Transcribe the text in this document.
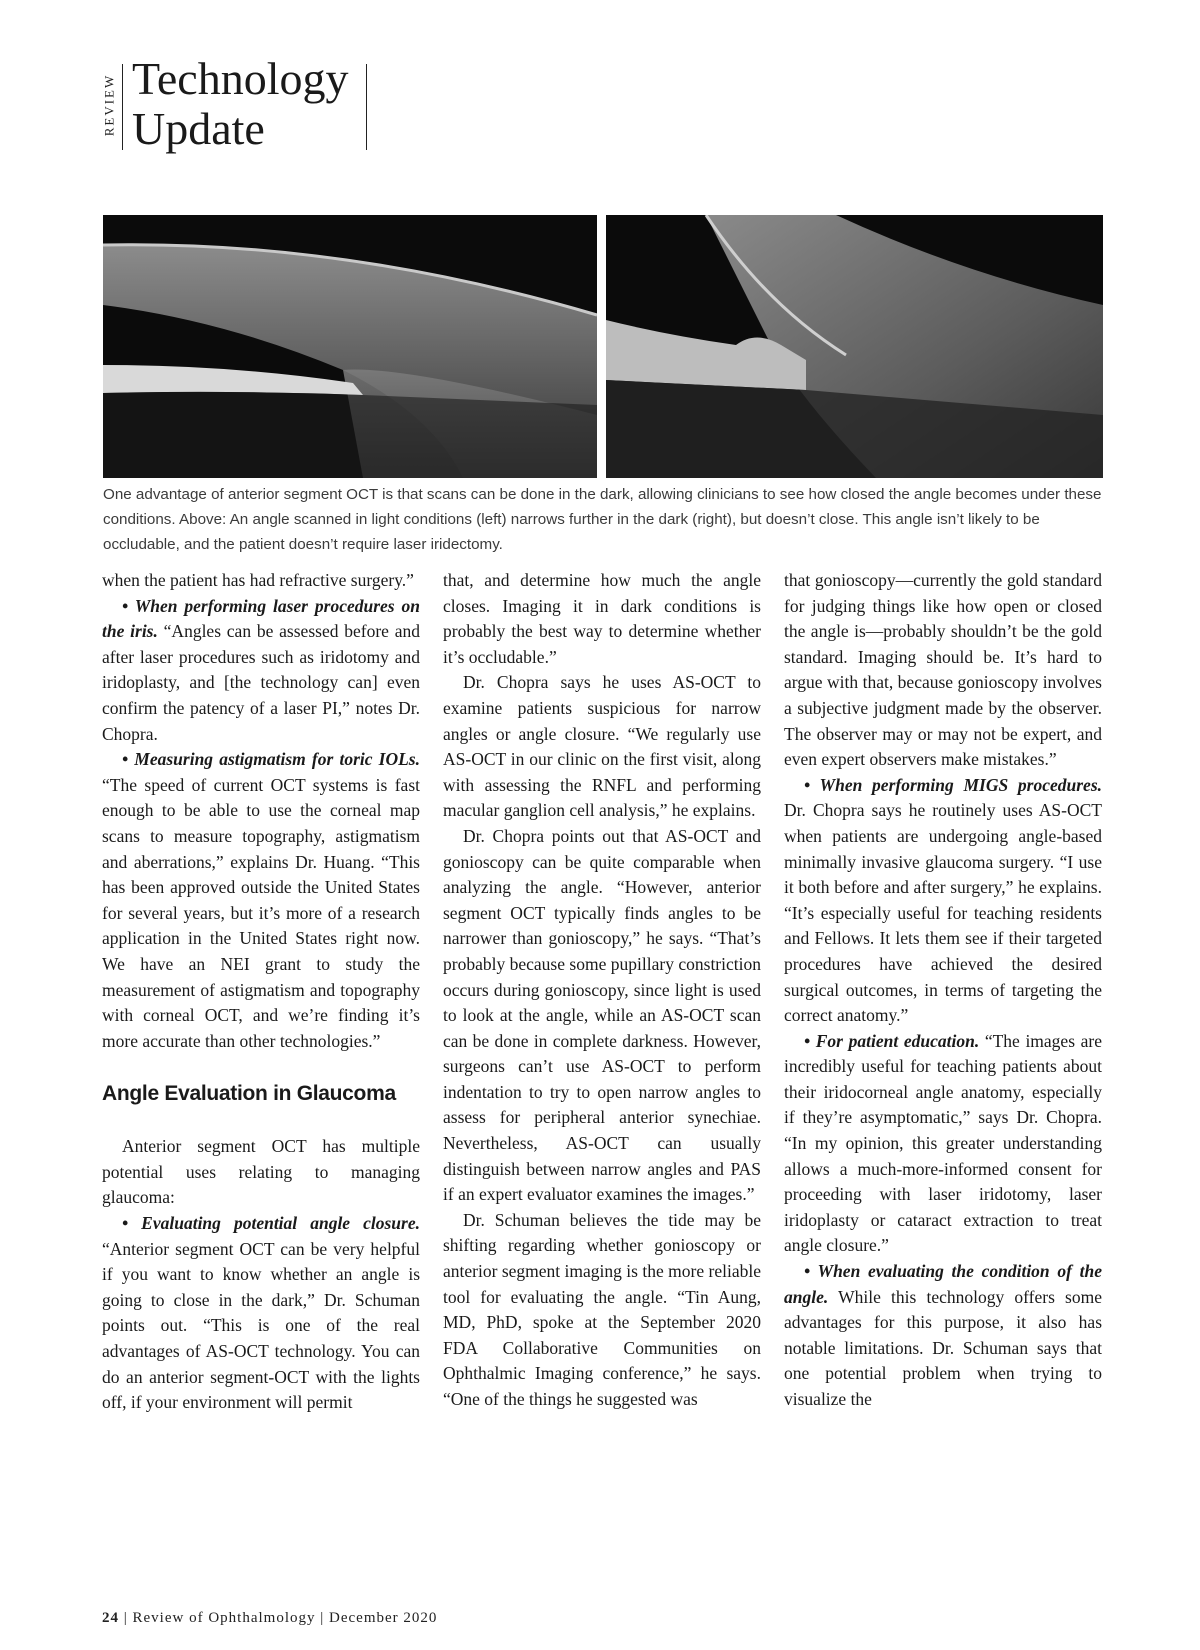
REVIEW Technology
Update
One advantage of anterior segment OCT is that scans can be done in the dark, allowing clinicians to see how closed the angle becomes under these conditions. Above: An angle scanned in light conditions (left) narrows further in the dark (right), but doesn’t close. This angle isn’t likely to be occludable, and the patient doesn’t require laser iridectomy.

when the patient has had refractive surgery.”

• When performing laser procedures on the iris. “Angles can be assessed before and after laser procedures such as iridotomy and iridoplasty, and [the technology can] even confirm the patency of a laser PI,” notes Dr. Chopra.

• Measuring astigmatism for toric IOLs. “The speed of current OCT systems is fast enough to be able to use the corneal map scans to measure topography, astigmatism and aberrations,” explains Dr. Huang. “This has been approved outside the United States for several years, but it’s more of a research application in the United States right now. We have an NEI grant to study the measurement of astigmatism and topography with corneal OCT, and we’re finding it’s more accurate than other technologies.”

Angle Evaluation in Glaucoma

Anterior segment OCT has multiple potential uses relating to managing glaucoma:

• Evaluating potential angle closure. “Anterior segment OCT can be very helpful if you want to know whether an angle is going to close in the dark,” Dr. Schuman points out. “This is one of the real advantages of AS-OCT technology. You can do an anterior segment-OCT with the lights off, if your environment will permit

that, and determine how much the angle closes. Imaging it in dark conditions is probably the best way to determine whether it’s occludable.”

Dr. Chopra says he uses AS-OCT to examine patients suspicious for narrow angles or angle closure. “We regularly use AS-OCT in our clinic on the first visit, along with assessing the RNFL and performing macular ganglion cell analysis,” he explains.

Dr. Chopra points out that AS-OCT and gonioscopy can be quite comparable when analyzing the angle. “However, anterior segment OCT typically finds angles to be narrower than gonioscopy,” he says. “That’s probably because some pupillary constriction occurs during gonioscopy, since light is used to look at the angle, while an AS-OCT scan can be done in complete darkness. However, surgeons can’t use AS-OCT to perform indentation to try to open narrow angles to assess for peripheral anterior synechiae. Nevertheless, AS-OCT can usually distinguish between narrow angles and PAS if an expert evaluator examines the images.”

Dr. Schuman believes the tide may be shifting regarding whether gonioscopy or anterior segment imaging is the more reliable tool for evaluating the angle. “Tin Aung, MD, PhD, spoke at the September 2020 FDA Collaborative Communities on Ophthalmic Imaging conference,” he says. “One of the things he suggested was

that gonioscopy—currently the gold standard for judging things like how open or closed the angle is—probably shouldn’t be the gold standard. Imaging should be. It’s hard to argue with that, because gonioscopy involves a subjective judgment made by the observer. The observer may or may not be expert, and even expert observers make mistakes.”

• When performing MIGS procedures. Dr. Chopra says he routinely uses AS-OCT when patients are undergoing angle-based minimally invasive glaucoma surgery. “I use it both before and after surgery,” he explains. “It’s especially useful for teaching residents and Fellows. It lets them see if their targeted procedures have achieved the desired surgical outcomes, in terms of targeting the correct anatomy.”

• For patient education. “The images are incredibly useful for teaching patients about their iridocorneal angle anatomy, especially if they’re asymptomatic,” says Dr. Chopra. “In my opinion, this greater understanding allows a much-more-informed consent for proceeding with laser iridotomy, laser iridoplasty or cataract extraction to treat angle closure.”

• When evaluating the condition of the angle. While this technology offers some advantages for this purpose, it also has notable limitations. Dr. Schuman says that one potential problem when trying to visualize the

24 | Review of Ophthalmology | December 2020
